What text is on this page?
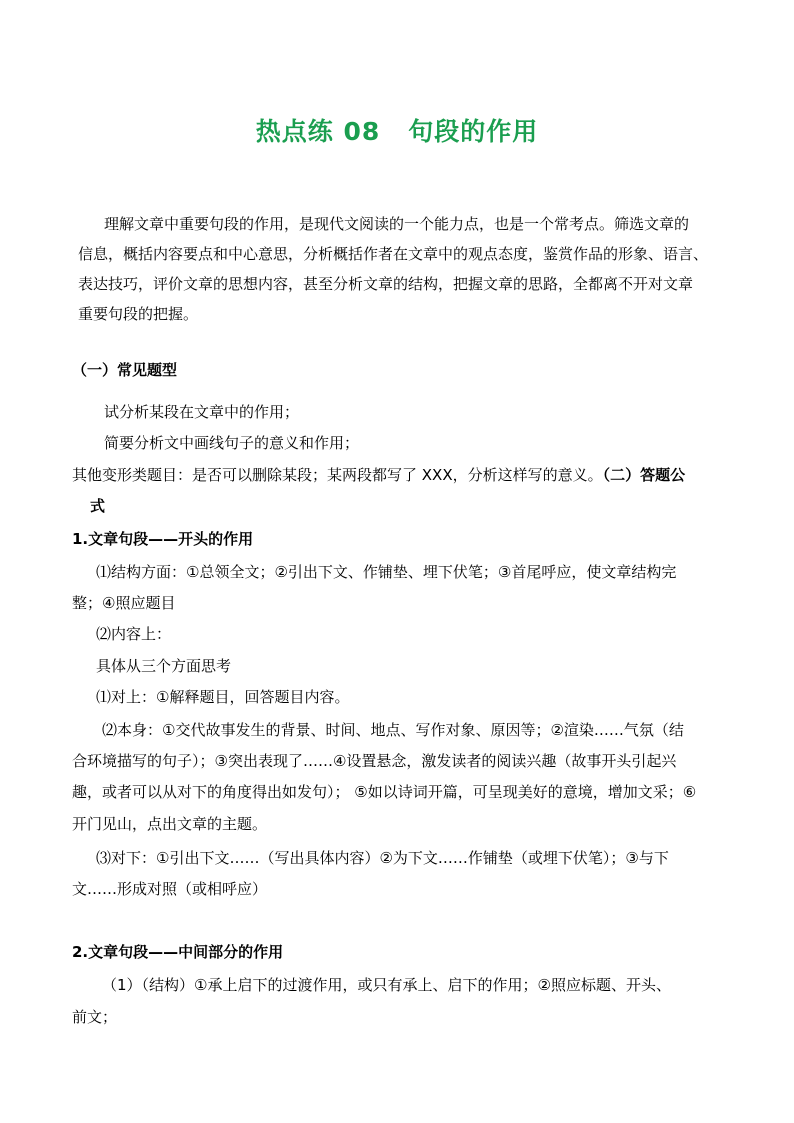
热点练 08 句段的作用
理解文章中重要句段的作用，是现代文阅读的一个能力点，也是一个常考点。筛选文章的
信息，概括内容要点和中心意思，分析概括作者在文章中的观点态度，鉴赏作品的形象、语言、
表达技巧，评价文章的思想内容，甚至分析文章的结构，把握文章的思路，全都离不开对文章
重要句段的把握。
（一）常见题型
试分析某段在文章中的作用；
简要分析文中画线句子的意义和作用；
其他变形类题目：是否可以删除某段；某两段都写了 XXX，分析这样写的意义。（二）答题公
式
1.文章句段——开头的作用
⑴结构方面：①总领全文；②引出下文、作铺垫、埋下伏笔；③首尾呼应，使文章结构完
整；④照应题目
⑵内容上：
具体从三个方面思考
⑴对上：①解释题目，回答题目内容。
⑵本身：①交代故事发生的背景、时间、地点、写作对象、原因等；②渲染……气氛（结
合环境描写的句子）；③突出表现了……④设置悬念，激发读者的阅读兴趣（故事开头引起兴
趣，或者可以从对下的角度得出如发句）； ⑤如以诗词开篇，可呈现美好的意境，增加文采；⑥
开门见山，点出文章的主题。
⑶对下：①引出下文……（写出具体内容）②为下文……作铺垫（或埋下伏笔）；③与下
文……形成对照（或相呼应）
2.文章句段——中间部分的作用
（1）（结构）①承上启下的过渡作用，或只有承上、启下的作用；②照应标题、开头、
前文；
